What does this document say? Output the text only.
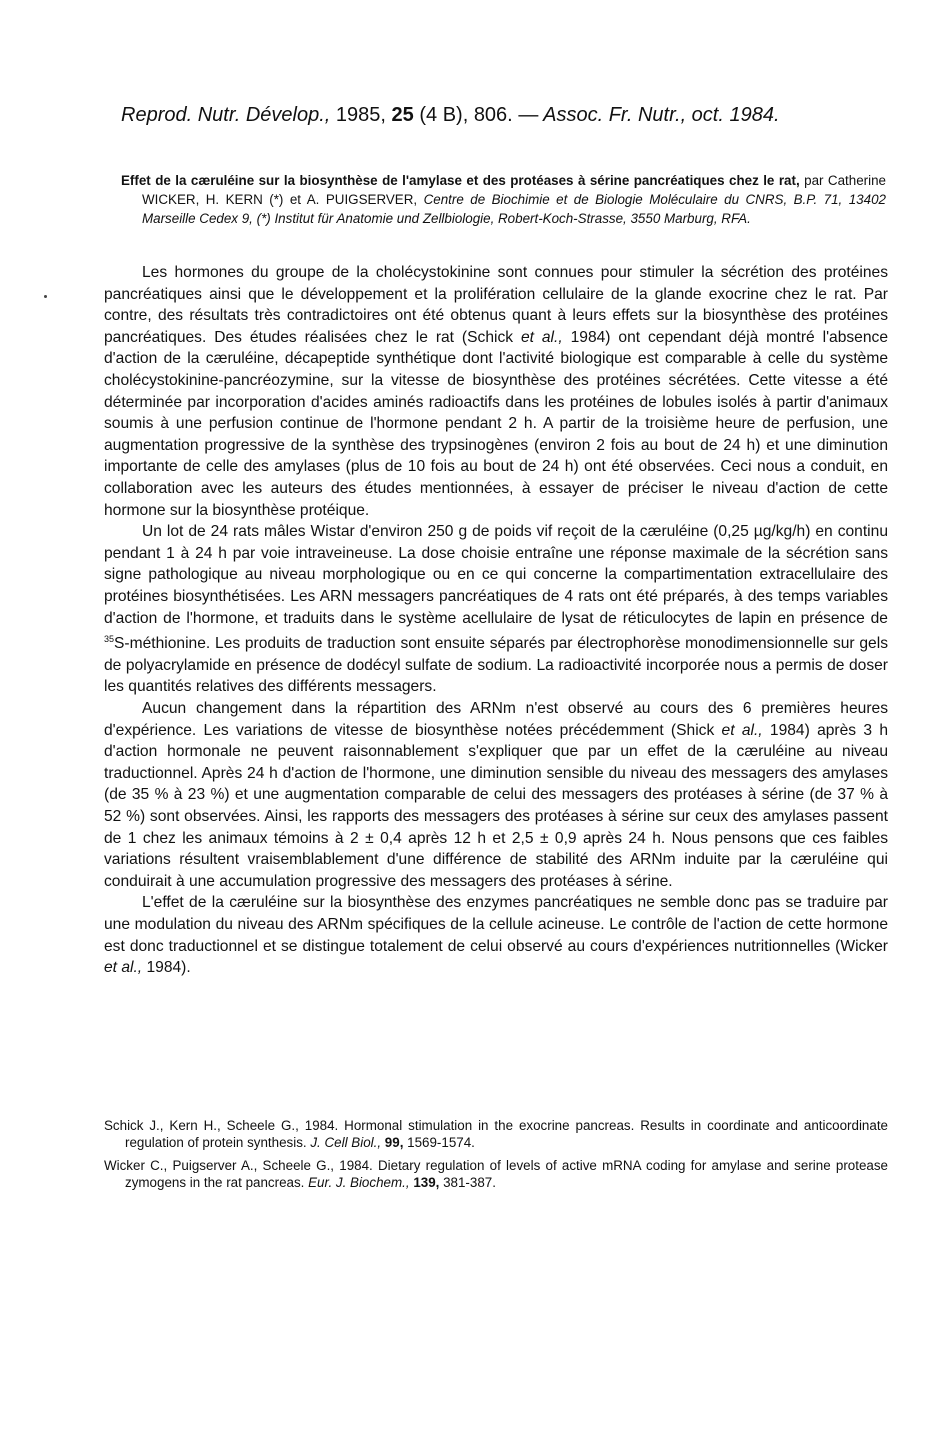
Reprod. Nutr. Dévelop., 1985, 25 (4 B), 806. — Assoc. Fr. Nutr., oct. 1984.
Effet de la cæruléine sur la biosynthèse de l'amylase et des protéases à sérine pancréatiques chez le rat, par Catherine WICKER, H. KERN (*) et A. PUIGSERVER, Centre de Biochimie et de Biologie Moléculaire du CNRS, B.P. 71, 13402 Marseille Cedex 9, (*) Institut für Anatomie und Zellbiologie, Robert-Koch-Strasse, 3550 Marburg, RFA.

Les hormones du groupe de la cholécystokinine sont connues pour stimuler la sécrétion des protéines pancréatiques ainsi que le développement et la prolifération cellulaire de la glande exocrine chez le rat. Par contre, des résultats très contradictoires ont été obtenus quant à leurs effets sur la biosynthèse des protéines pancréatiques. Des études réalisées chez le rat (Schick et al., 1984) ont cependant déjà montré l'absence d'action de la cæruléine, décapeptide synthétique dont l'activité biologique est comparable à celle du système cholécystokinine-pancréozymine, sur la vitesse de biosynthèse des protéines sécrétées. Cette vitesse a été déterminée par incorporation d'acides aminés radioactifs dans les protéines de lobules isolés à partir d'animaux soumis à une perfusion continue de l'hormone pendant 2 h. A partir de la troisième heure de perfusion, une augmentation progressive de la synthèse des trypsinogènes (environ 2 fois au bout de 24 h) et une diminution importante de celle des amylases (plus de 10 fois au bout de 24 h) ont été observées. Ceci nous a conduit, en collaboration avec les auteurs des études mentionnées, à essayer de préciser le niveau d'action de cette hormone sur la biosynthèse protéique.

Un lot de 24 rats mâles Wistar d'environ 250 g de poids vif reçoit de la cæruléine (0,25 µg/kg/h) en continu pendant 1 à 24 h par voie intraveineuse. La dose choisie entraîne une réponse maximale de la sécrétion sans signe pathologique au niveau morphologique ou en ce qui concerne la compartimentation extracellulaire des protéines biosynthétisées. Les ARN messagers pancréatiques de 4 rats ont été préparés, à des temps variables d'action de l'hormone, et traduits dans le système acellulaire de lysat de réticulocytes de lapin en présence de $^{35}$S-méthionine. Les produits de traduction sont ensuite séparés par électrophorèse monodimensionnelle sur gels de polyacrylamide en présence de dodécyl sulfate de sodium. La radioactivité incorporée nous a permis de doser les quantités relatives des différents messagers.

Aucun changement dans la répartition des ARNm n'est observé au cours des 6 premières heures d'expérience. Les variations de vitesse de biosynthèse notées précédemment (Shick et al., 1984) après 3 h d'action hormonale ne peuvent raisonnablement s'expliquer que par un effet de la cæruléine au niveau traductionnel. Après 24 h d'action de l'hormone, une diminution sensible du niveau des messagers des amylases (de 35 % à 23 %) et une augmentation comparable de celui des messagers des protéases à sérine (de 37 % à 52 %) sont observées. Ainsi, les rapports des messagers des protéases à sérine sur ceux des amylases passent de 1 chez les animaux témoins à 2 ± 0,4 après 12 h et 2,5 ± 0,9 après 24 h. Nous pensons que ces faibles variations résultent vraisemblablement d'une différence de stabilité des ARNm induite par la cæruléine qui conduirait à une accumulation progressive des messagers des protéases à sérine.

L'effet de la cæruléine sur la biosynthèse des enzymes pancréatiques ne semble donc pas se traduire par une modulation du niveau des ARNm spécifiques de la cellule acineuse. Le contrôle de l'action de cette hormone est donc traductionnel et se distingue totalement de celui observé au cours d'expériences nutritionnelles (Wicker et al., 1984).

Schick J., Kern H., Scheele G., 1984. Hormonal stimulation in the exocrine pancreas. Results in coordinate and anticoordinate regulation of protein synthesis. J. Cell Biol., 99, 1569-1574.

Wicker C., Puigserver A., Scheele G., 1984. Dietary regulation of levels of active mRNA coding for amylase and serine protease zymogens in the rat pancreas. Eur. J. Biochem., 139, 381-387.
